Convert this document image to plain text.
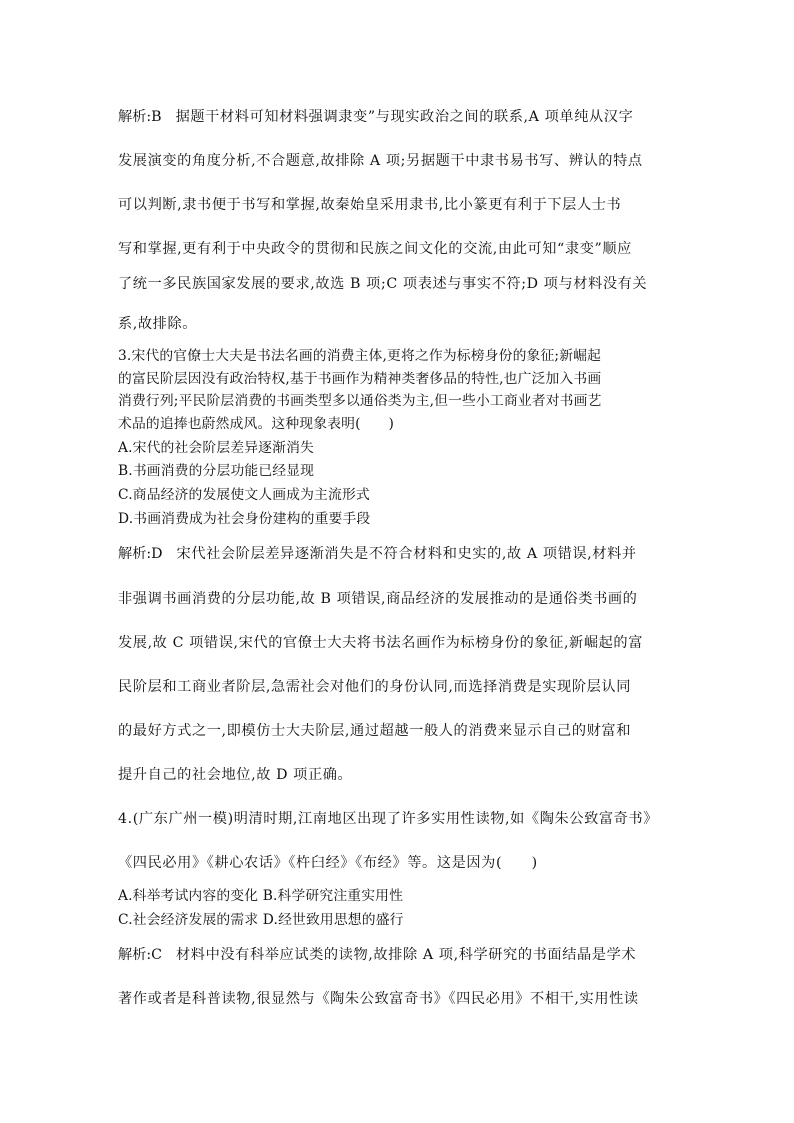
解析:B 据题干材料可知材料强调隶变”与现实政治之间的联系,A 项单纯从汉字
发展演变的角度分析,不合题意,故排除 A 项;另据题干中隶书易书写、辨认的特点
可以判断,隶书便于书写和掌握,故秦始皇采用隶书,比小篆更有利于下层人士书
写和掌握,更有利于中央政令的贯彻和民族之间文化的交流,由此可知“隶变”顺应
了统一多民族国家发展的要求,故选 B 项;C 项表述与事实不符;D 项与材料没有关
系,故排除。
3.宋代的官僚士大夫是书法名画的消费主体,更将之作为标榜身份的象征;新崛起
的富民阶层因没有政治特权,基于书画作为精神类奢侈品的特性,也广泛加入书画
消费行列;平民阶层消费的书画类型多以通俗类为主,但一些小工商业者对书画艺
术品的追捧也蔚然成风。这种现象表明(　　)
A.宋代的社会阶层差异逐渐消失
B.书画消费的分层功能已经显现
C.商品经济的发展使文人画成为主流形式
D.书画消费成为社会身份建构的重要手段
解析:D 宋代社会阶层差异逐渐消失是不符合材料和史实的,故 A 项错误,材料并
非强调书画消费的分层功能,故 B 项错误,商品经济的发展推动的是通俗类书画的
发展,故 C 项错误,宋代的官僚士大夫将书法名画作为标榜身份的象征,新崛起的富
民阶层和工商业者阶层,急需社会对他们的身份认同,而选择消费是实现阶层认同
的最好方式之一,即模仿士大夫阶层,通过超越一般人的消费来显示自己的财富和
提升自己的社会地位,故 D 项正确。
4.(广东广州一模)明清时期,江南地区出现了许多实用性读物,如《陶朱公致富奇书》
《四民必用》《耕心农话》《杵臼经》《布经》等。这是因为(　　)
A.科举考试内容的变化 B.科学研究注重实用性
C.社会经济发展的需求 D.经世致用思想的盛行
解析:C 材料中没有科举应试类的读物,故排除 A 项,科学研究的书面结晶是学术
著作或者是科普读物,很显然与《陶朱公致富奇书》《四民必用》不相干,实用性读
